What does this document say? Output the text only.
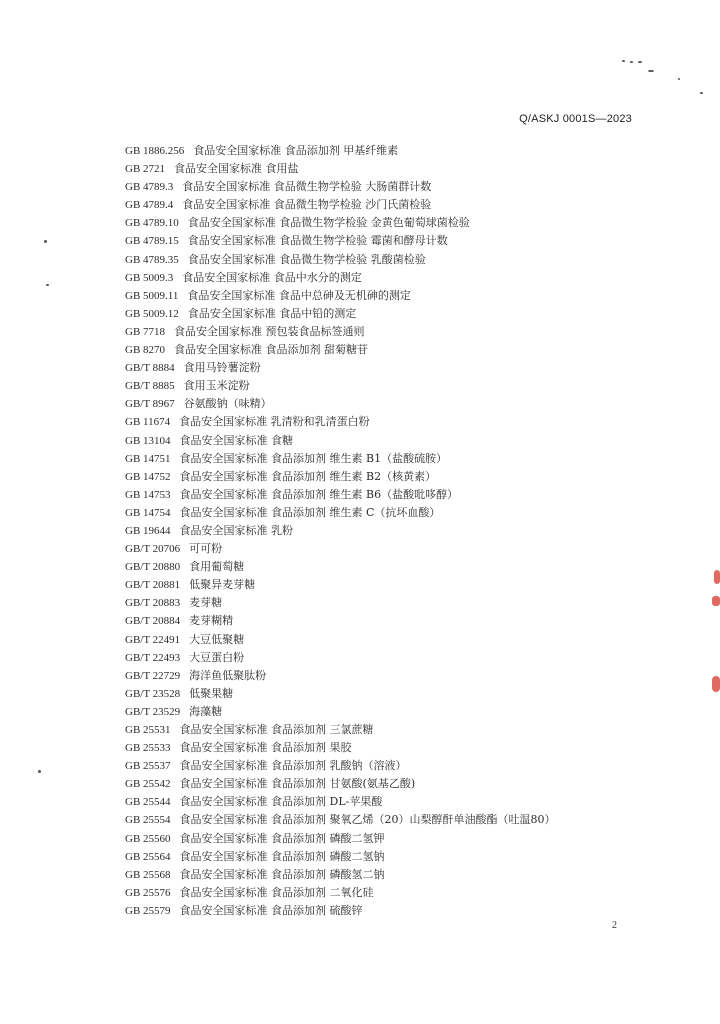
Q/ASKJ 0001S—2023
GB 1886.256 食品安全国家标准 食品添加剂 甲基纤维素
GB 2721 食品安全国家标准 食用盐
GB 4789.3 食品安全国家标准 食品微生物学检验 大肠菌群计数
GB 4789.4 食品安全国家标准 食品微生物学检验 沙门氏菌检验
GB 4789.10 食品安全国家标准 食品微生物学检验 金黄色葡萄球菌检验
GB 4789.15 食品安全国家标准 食品微生物学检验 霉菌和酵母计数
GB 4789.35 食品安全国家标准 食品微生物学检验 乳酸菌检验
GB 5009.3 食品安全国家标准 食品中水分的测定
GB 5009.11 食品安全国家标准 食品中总砷及无机砷的测定
GB 5009.12 食品安全国家标准 食品中铅的测定
GB 7718 食品安全国家标准 预包装食品标签通则
GB 8270 食品安全国家标准 食品添加剂 甜菊糖苷
GB/T 8884 食用马铃薯淀粉
GB/T 8885 食用玉米淀粉
GB/T 8967 谷氨酸钠（味精）
GB 11674 食品安全国家标准 乳清粉和乳清蛋白粉
GB 13104 食品安全国家标准 食糖
GB 14751 食品安全国家标准 食品添加剂 维生素 B1（盐酸硫胺）
GB 14752 食品安全国家标准 食品添加剂 维生素 B2（核黄素）
GB 14753 食品安全国家标准 食品添加剂 维生素 B6（盐酸吡哆醇）
GB 14754 食品安全国家标准 食品添加剂 维生素 C（抗坏血酸）
GB 19644 食品安全国家标准 乳粉
GB/T 20706 可可粉
GB/T 20880 食用葡萄糖
GB/T 20881 低聚异麦芽糖
GB/T 20883 麦芽糖
GB/T 20884 麦芽糊精
GB/T 22491 大豆低聚糖
GB/T 22493 大豆蛋白粉
GB/T 22729 海洋鱼低聚肽粉
GB/T 23528 低聚果糖
GB/T 23529 海藻糖
GB 25531 食品安全国家标准 食品添加剂 三氯蔗糖
GB 25533 食品安全国家标准 食品添加剂 果胶
GB 25537 食品安全国家标准 食品添加剂 乳酸钠（溶液）
GB 25542 食品安全国家标准 食品添加剂 甘氨酸(氨基乙酸)
GB 25544 食品安全国家标准 食品添加剂 DL-苹果酸
GB 25554 食品安全国家标准 食品添加剂 聚氧乙烯（20）山梨醇酐单油酸酯（吐温80）
GB 25560 食品安全国家标准 食品添加剂 磷酸二氢钾
GB 25564 食品安全国家标准 食品添加剂 磷酸二氢钠
GB 25568 食品安全国家标准 食品添加剂 磷酸氢二钠
GB 25576 食品安全国家标准 食品添加剂 二氧化硅
GB 25579 食品安全国家标准 食品添加剂 硫酸锌
2
